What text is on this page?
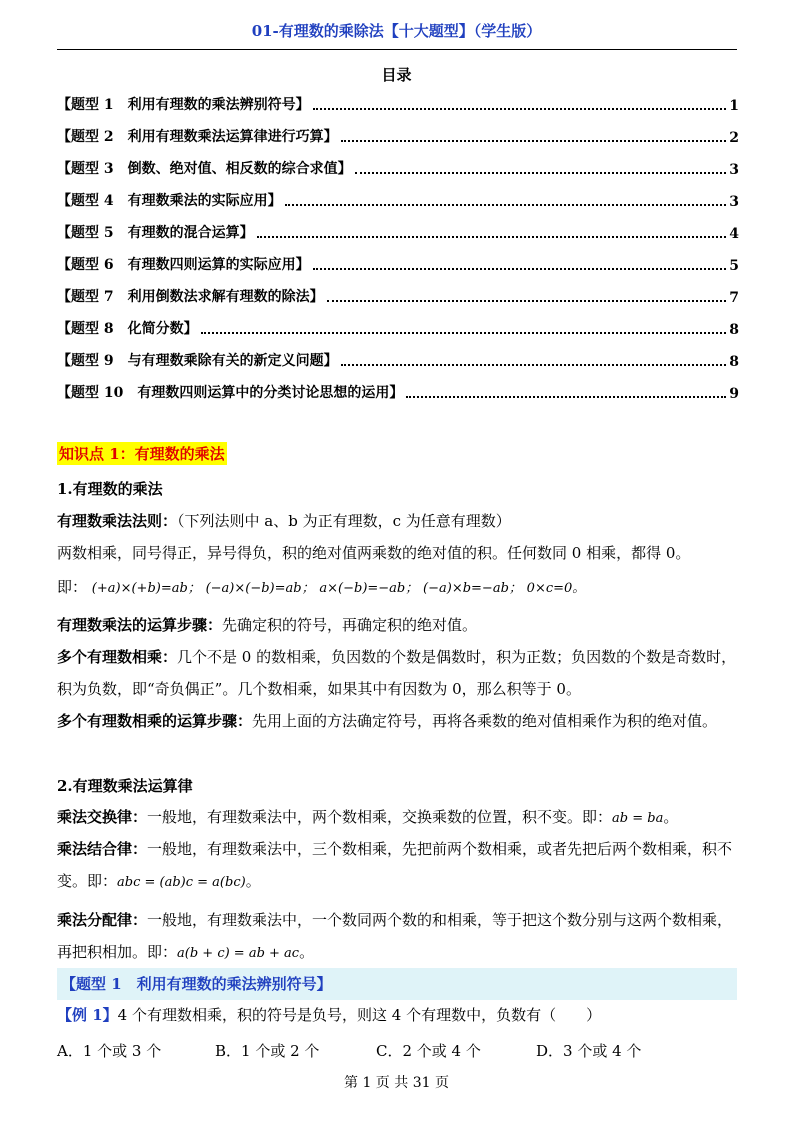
01-有理数的乘除法【十大题型】（学生版）
目录
【题型 1　利用有理数的乘法辨别符号】	1
【题型 2　利用有理数乘法运算律进行巧算】	2
【题型 3　倒数、绝对值、相反数的综合求值】	3
【题型 4　有理数乘法的实际应用】	3
【题型 5　有理数的混合运算】	4
【题型 6　有理数四则运算的实际应用】	5
【题型 7　利用倒数法求解有理数的除法】	7
【题型 8　化简分数】	8
【题型 9　与有理数乘除有关的新定义问题】	8
【题型 10　有理数四则运算中的分类讨论思想的运用】	9
知识点 1：有理数的乘法
1.有理数的乘法
有理数乘法法则：（下列法则中 a、b 为正有理数，c 为任意有理数）
两数相乘，同号得正，异号得负，积的绝对值两乘数的绝对值的积。任何数同 0 相乘，都得 0。
即： (+a)×(+b)=ab； (−a)×(−b)=ab； a×(−b)=−ab； (−a)×b=−ab； 0×c=0。
有理数乘法的运算步骤：先确定积的符号，再确定积的绝对值。
多个有理数相乘：几个不是 0 的数相乘，负因数的个数是偶数时，积为正数；负因数的个数是奇数时，积为负数，即“奇负偶正”。几个数相乘，如果其中有因数为 0，那么积等于 0。
多个有理数相乘的运算步骤：先用上面的方法确定符号，再将各乘数的绝对值相乘作为积的绝对值。
2.有理数乘法运算律
乘法交换律：一般地，有理数乘法中，两个数相乘，交换乘数的位置，积不变。即：ab = ba。
乘法结合律：一般地，有理数乘法中，三个数相乘，先把前两个数相乘，或者先把后两个数相乘，积不变。即：abc = (ab)c = a(bc)。
乘法分配律：一般地，有理数乘法中，一个数同两个数的和相乘，等于把这个数分别与这两个数相乘，再把积相加。即：a(b + c) = ab + ac。
【题型 1　利用有理数的乘法辨别符号】
【例 1】4 个有理数相乘，积的符号是负号，则这 4 个有理数中，负数有（　　）
A．1 个或 3 个	B．1 个或 2 个	C．2 个或 4 个	D．3 个或 4 个
第 1 页 共 31 页
